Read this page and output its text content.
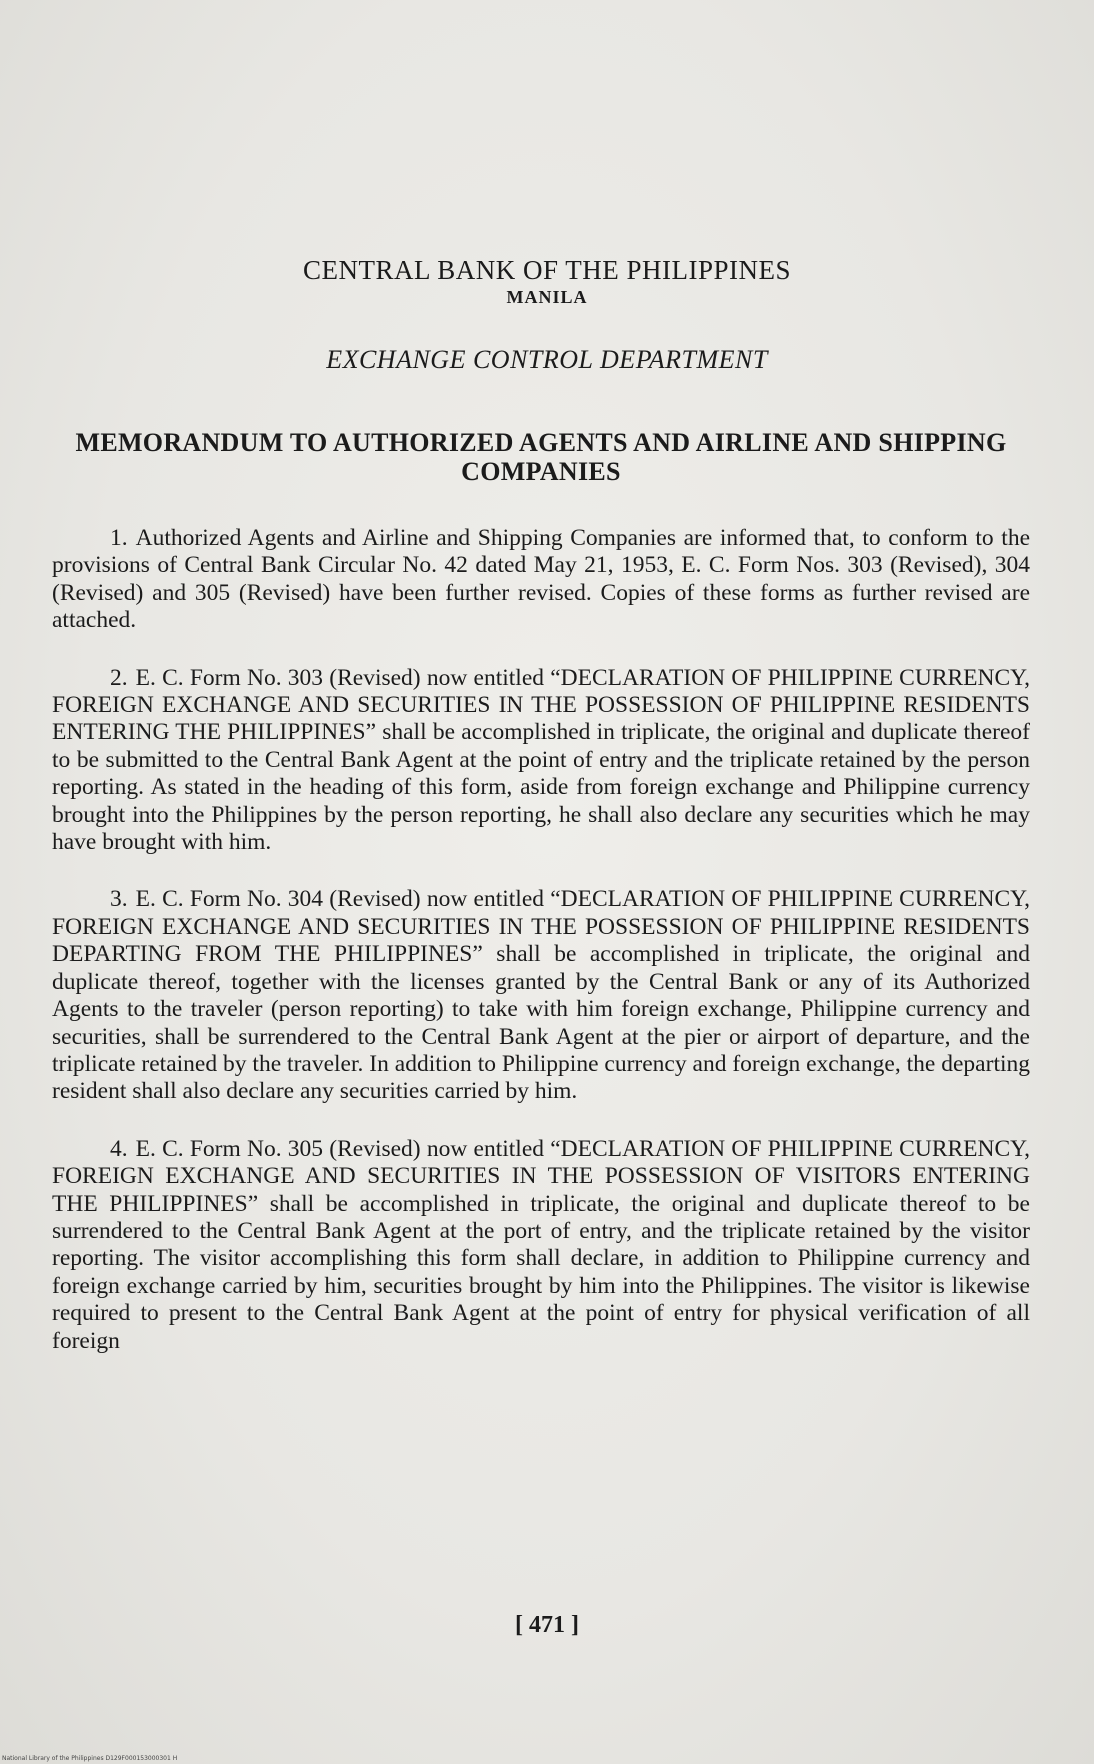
CENTRAL BANK OF THE PHILIPPINES
MANILA
EXCHANGE CONTROL DEPARTMENT
MEMORANDUM TO AUTHORIZED AGENTS AND AIRLINE AND SHIPPING COMPANIES

1. Authorized Agents and Airline and Shipping Companies are informed that, to conform to the provisions of Central Bank Circular No. 42 dated May 21, 1953, E. C. Form Nos. 303 (Revised), 304 (Revised) and 305 (Revised) have been further revised. Copies of these forms as further revised are attached.

2. E. C. Form No. 303 (Revised) now entitled “DECLARATION OF PHILIPPINE CURRENCY, FOREIGN EXCHANGE AND SECURITIES IN THE POSSESSION OF PHILIPPINE RESIDENTS ENTERING THE PHILIPPINES” shall be accomplished in triplicate, the original and duplicate thereof to be submitted to the Central Bank Agent at the point of entry and the triplicate retained by the person reporting. As stated in the heading of this form, aside from foreign exchange and Philippine currency brought into the Philippines by the person reporting, he shall also declare any securities which he may have brought with him.

3. E. C. Form No. 304 (Revised) now entitled “DECLARATION OF PHILIPPINE CURRENCY, FOREIGN EXCHANGE AND SECURITIES IN THE POSSESSION OF PHILIPPINE RESIDENTS DEPARTING FROM THE PHILIPPINES” shall be accomplished in triplicate, the original and duplicate thereof, together with the licenses granted by the Central Bank or any of its Authorized Agents to the traveler (person reporting) to take with him foreign exchange, Philippine currency and securities, shall be surrendered to the Central Bank Agent at the pier or airport of departure, and the triplicate retained by the traveler. In addition to Philippine currency and foreign exchange, the departing resident shall also declare any securities carried by him.

4. E. C. Form No. 305 (Revised) now entitled “DECLARATION OF PHILIPPINE CURRENCY, FOREIGN EXCHANGE AND SECURITIES IN THE POSSESSION OF VISITORS ENTERING THE PHILIPPINES” shall be accomplished in triplicate, the original and duplicate thereof to be surrendered to the Central Bank Agent at the port of entry, and the triplicate retained by the visitor reporting. The visitor accomplishing this form shall declare, in addition to Philippine currency and foreign exchange carried by him, securities brought by him into the Philippines. The visitor is likewise required to present to the Central Bank Agent at the point of entry for physical verification of all foreign

[ 471 ]
National Library of the Philippines D129F000153000301 H
